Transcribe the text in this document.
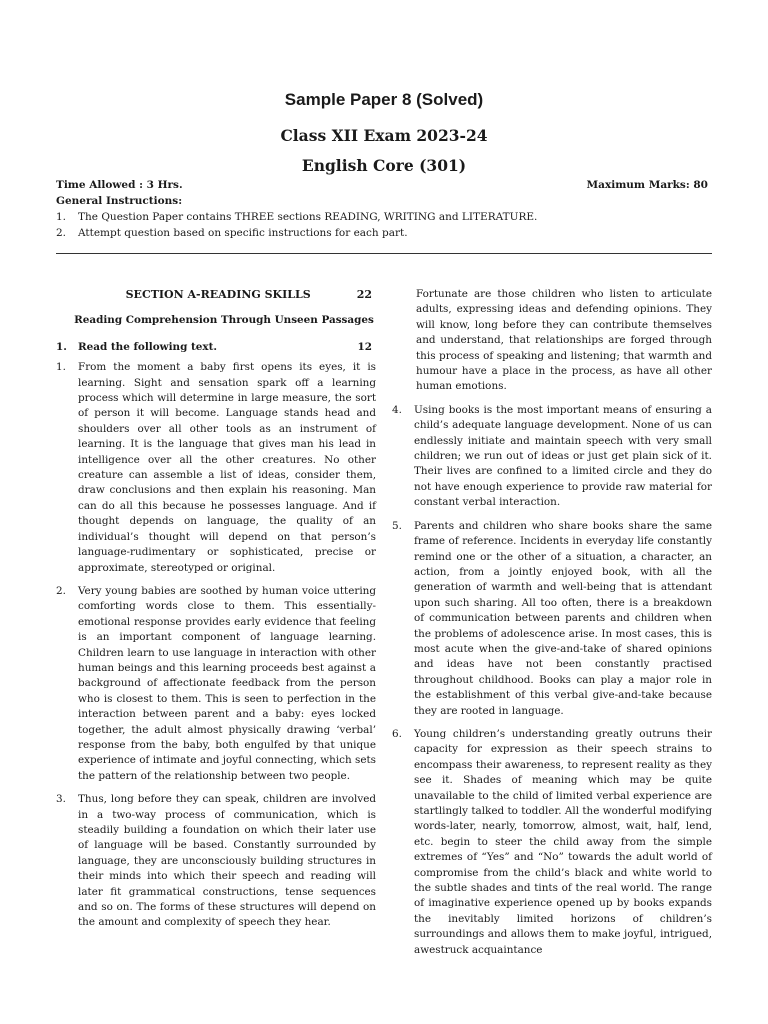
Sample Paper 8 (Solved)
Class XII Exam 2023-24
English Core (301)
Time Allowed : 3 Hrs.	Maximum Marks: 80
General Instructions:
1.	The Question Paper contains THREE sections READING, WRITING and LITERATURE.
2.	Attempt question based on specific instructions for each part.
SECTION A-READING SKILLS	22
Reading Comprehension Through Unseen Passages
1. Read the following text.	12
1.	From the moment a baby first opens its eyes, it is learning. Sight and sensation spark off a learning process which will determine in large measure, the sort of person it will become. Language stands head and shoulders over all other tools as an instrument of learning. It is the language that gives man his lead in intelligence over all the other creatures. No other creature can assemble a list of ideas, consider them, draw conclusions and then explain his reasoning. Man can do all this because he possesses language. And if thought depends on language, the quality of an individual’s thought will depend on that person’s language-rudimentary or sophisticated, precise or approximate, stereotyped or original.
2.	Very young babies are soothed by human voice uttering comforting words close to them. This essentially-emotional response provides early evidence that feeling is an important component of language learning. Children learn to use language in interaction with other human beings and this learning proceeds best against a background of affectionate feedback from the person who is closest to them. This is seen to perfection in the interaction between parent and a baby: eyes locked together, the adult almost physically drawing ‘verbal’ response from the baby, both engulfed by that unique experience of intimate and joyful connecting, which sets the pattern of the relationship between two people.
3.	Thus, long before they can speak, children are involved in a two-way process of communication, which is steadily building a foundation on which their later use of language will be based. Constantly surrounded by language, they are unconsciously building structures in their minds into which their speech and reading will later fit grammatical constructions, tense sequences and so on. The forms of these structures will depend on the amount and complexity of speech they hear.
Fortunate are those children who listen to articulate adults, expressing ideas and defending opinions. They will know, long before they can contribute themselves and understand, that relationships are forged through this process of speaking and listening; that warmth and humour have a place in the process, as have all other human emotions.
4.	Using books is the most important means of ensuring a child’s adequate language development. None of us can endlessly initiate and maintain speech with very small children; we run out of ideas or just get plain sick of it. Their lives are confined to a limited circle and they do not have enough experience to provide raw material for constant verbal interaction.
5.	Parents and children who share books share the same frame of reference. Incidents in everyday life constantly remind one or the other of a situation, a character, an action, from a jointly enjoyed book, with all the generation of warmth and well-being that is attendant upon such sharing. All too often, there is a breakdown of communication between parents and children when the problems of adolescence arise. In most cases, this is most acute when the give-and-take of shared opinions and ideas have not been constantly practised throughout childhood. Books can play a major role in the establishment of this verbal give-and-take because they are rooted in language.
6.	Young children’s understanding greatly outruns their capacity for expression as their speech strains to encompass their awareness, to represent reality as they see it. Shades of meaning which may be quite unavailable to the child of limited verbal experience are startlingly talked to toddler. All the wonderful modifying words-later, nearly, tomorrow, almost, wait, half, lend, etc. begin to steer the child away from the simple extremes of “Yes” and “No” towards the adult world of compromise from the child’s black and white world to the subtle shades and tints of the real world. The range of imaginative experience opened up by books expands the inevitably limited horizons of children’s surroundings and allows them to make joyful, intrigued, awestruck acquaintance
